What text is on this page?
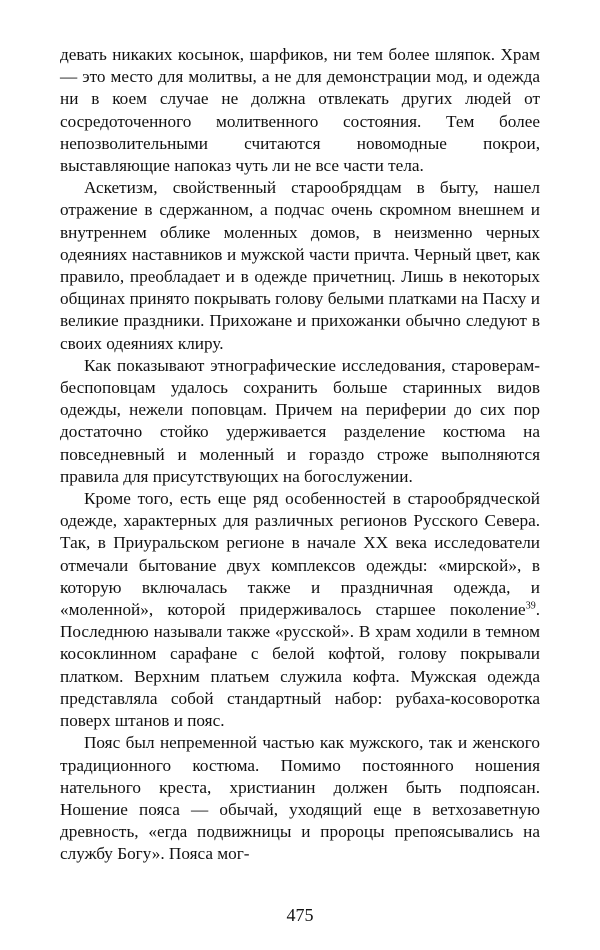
девать никаких косынок, шарфиков, ни тем более шляпок. Храм — это место для молитвы, а не для демонстрации мод, и одежда ни в коем случае не должна отвлекать других людей от сосредоточенного молитвенного состояния. Тем более непозволительными считаются новомодные покрои, выставляющие напоказ чуть ли не все части тела.

Аскетизм, свойственный старообрядцам в быту, нашел отражение в сдержанном, а подчас очень скромном внешнем и внутреннем облике моленных домов, в неизменно черных одеяниях наставников и мужской части причта. Черный цвет, как правило, преобладает и в одежде причетниц. Лишь в некоторых общинах принято покрывать голову белыми платками на Пасху и великие праздники. Прихожане и прихожанки обычно следуют в своих одеяниях клиру.

Как показывают этнографические исследования, староверам-беспоповцам удалось сохранить больше старинных видов одежды, нежели поповцам. Причем на периферии до сих пор достаточно стойко удерживается разделение костюма на повседневный и моленный и гораздо строже выполняются правила для присутствующих на богослужении.

Кроме того, есть еще ряд особенностей в старообрядческой одежде, характерных для различных регионов Русского Севера. Так, в Приуральском регионе в начале XX века исследователи отмечали бытование двух комплексов одежды: «мирской», в которую включалась также и праздничная одежда, и «моленной», которой придерживалось старшее поколение$^{39}$. Последнюю называли также «русской». В храм ходили в темном косоклинном сарафане с белой кофтой, голову покрывали платком. Верхним платьем служила кофта. Мужская одежда представляла собой стандартный набор: рубаха-косоворотка поверх штанов и пояс.

Пояс был непременной частью как мужского, так и женского традиционного костюма. Помимо постоянного ношения нательного креста, христианин должен быть подпоясан. Ношение пояса — обычай, уходящий еще в ветхозаветную древность, «егда подвижницы и пророцы препоясывались на службу Богу». Пояса мог-

475
